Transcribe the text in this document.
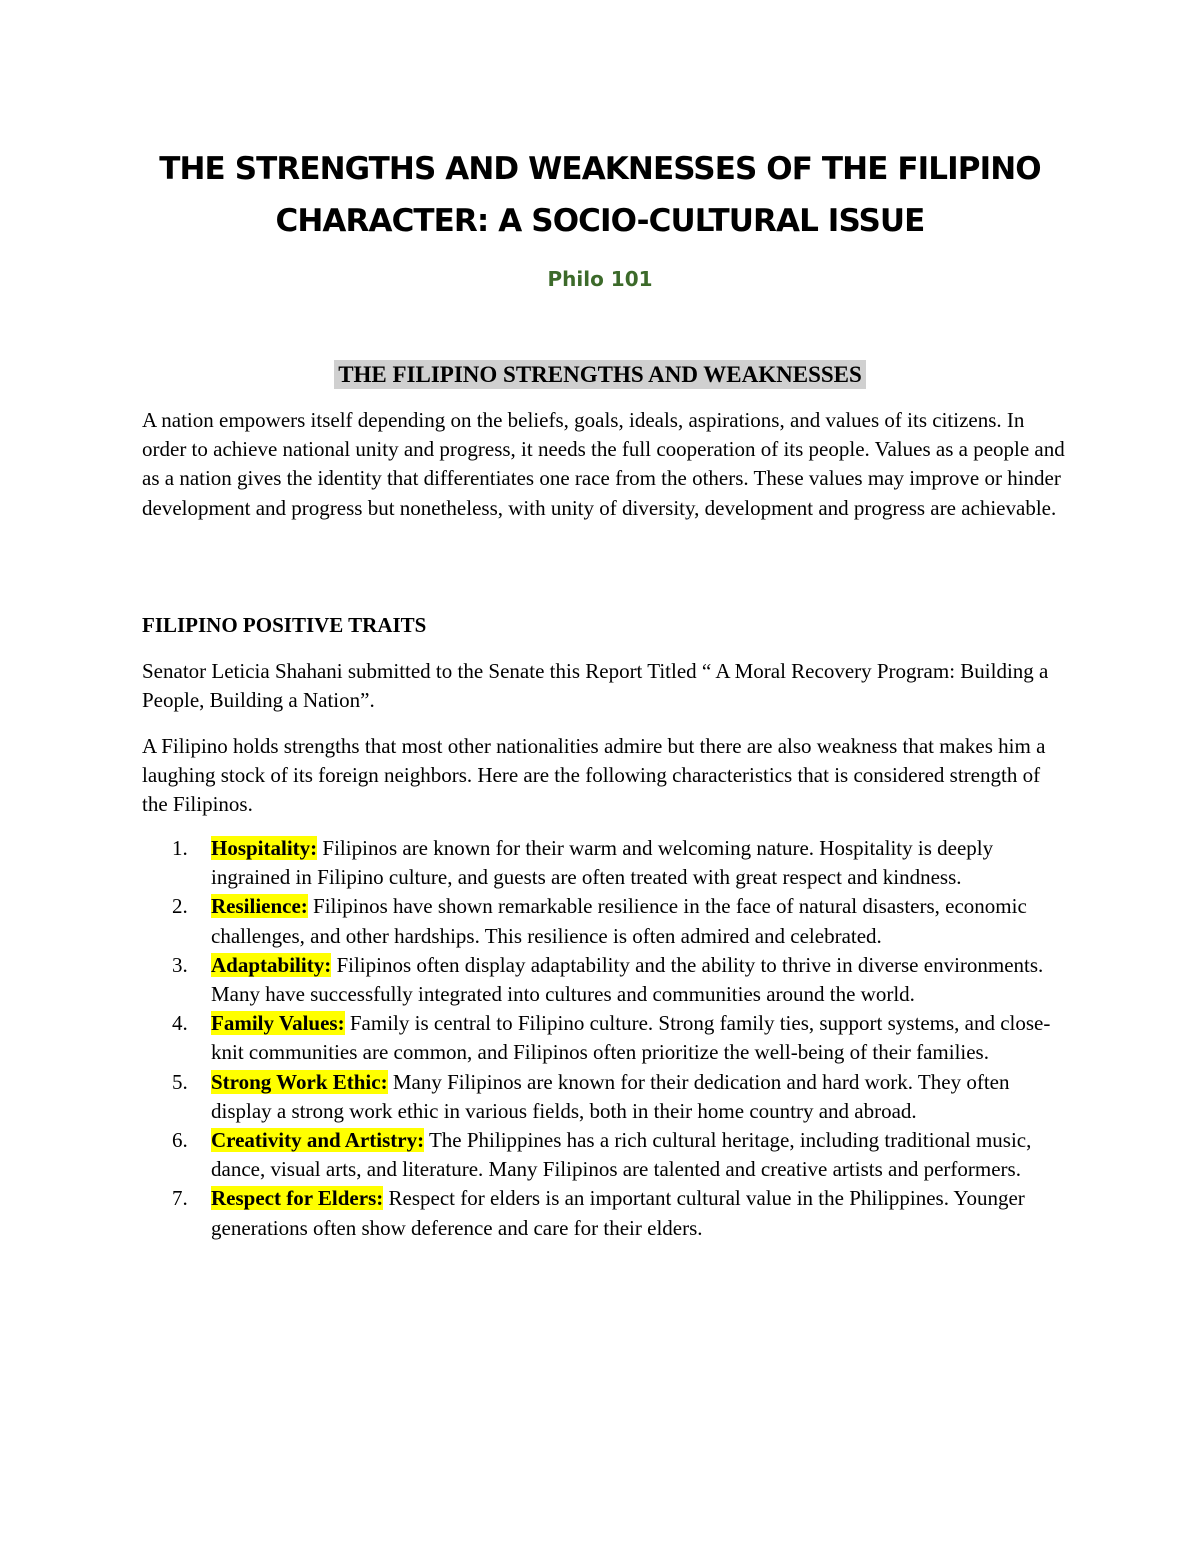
THE STRENGTHS AND WEAKNESSES OF THE FILIPINO CHARACTER: A SOCIO-CULTURAL ISSUE
Philo 101
THE FILIPINO STRENGTHS AND WEAKNESSES

A nation empowers itself depending on the beliefs, goals, ideals, aspirations, and values of its citizens. In order to achieve national unity and progress, it needs the full cooperation of its people. Values as a people and as a nation gives the identity that differentiates one race from the others. These values may improve or hinder development and progress but nonetheless, with unity of diversity, development and progress are achievable.

FILIPINO POSITIVE TRAITS

Senator Leticia Shahani submitted to the Senate this Report Titled “ A Moral Recovery Program: Building a People, Building a Nation”.

A Filipino holds strengths that most other nationalities admire but there are also weakness that makes him a laughing stock of its foreign neighbors. Here are the following characteristics that is considered strength of the Filipinos.

1. Hospitality: Filipinos are known for their warm and welcoming nature. Hospitality is deeply ingrained in Filipino culture, and guests are often treated with great respect and kindness.
2. Resilience: Filipinos have shown remarkable resilience in the face of natural disasters, economic challenges, and other hardships. This resilience is often admired and celebrated.
3. Adaptability: Filipinos often display adaptability and the ability to thrive in diverse environments. Many have successfully integrated into cultures and communities around the world.
4. Family Values: Family is central to Filipino culture. Strong family ties, support systems, and close-knit communities are common, and Filipinos often prioritize the well-being of their families.
5. Strong Work Ethic: Many Filipinos are known for their dedication and hard work. They often display a strong work ethic in various fields, both in their home country and abroad.
6. Creativity and Artistry: The Philippines has a rich cultural heritage, including traditional music, dance, visual arts, and literature. Many Filipinos are talented and creative artists and performers.
7. Respect for Elders: Respect for elders is an important cultural value in the Philippines. Younger generations often show deference and care for their elders.
